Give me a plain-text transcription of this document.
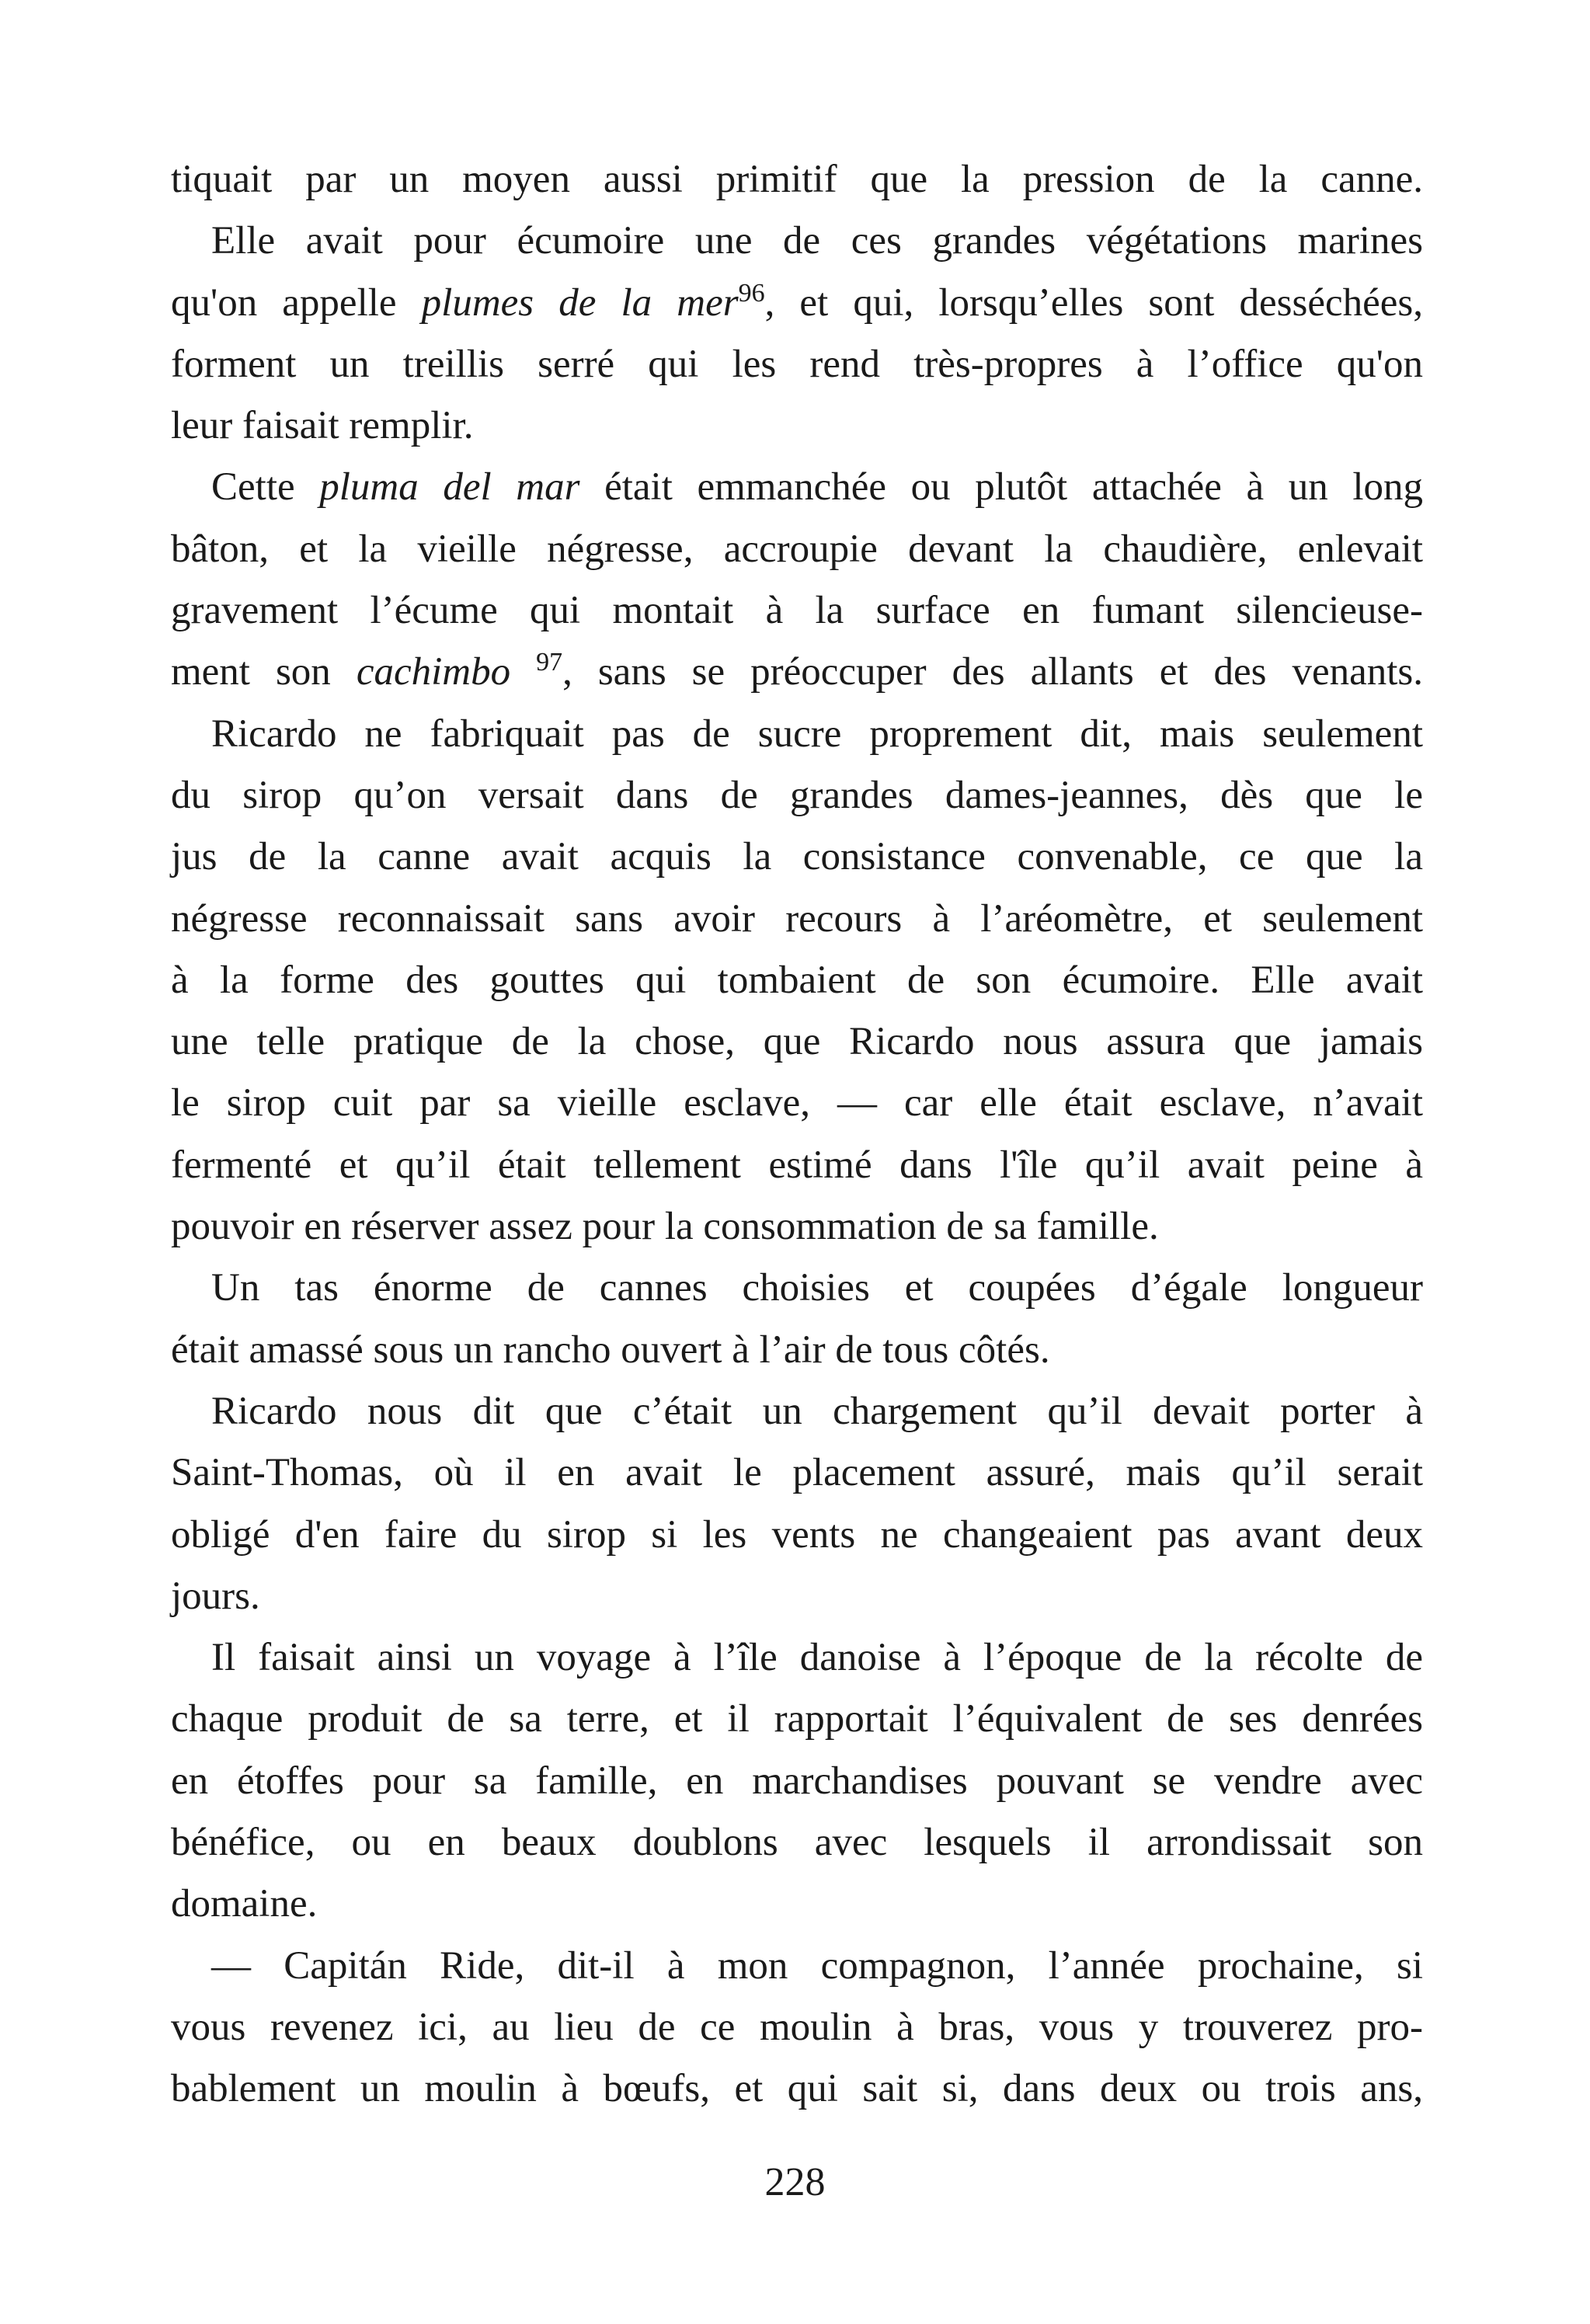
tiquait par un moyen aussi primitif que la pression de la canne.
Elle avait pour écumoire une de ces grandes végétations marines
qu'on appelle plumes de la mer$^{96}$, et qui, lorsqu’elles sont desséchées,
forment un treillis serré qui les rend très-propres à l’office qu'on
leur faisait remplir.
Cette pluma del mar était emmanchée ou plutôt attachée à un long
bâton, et la vieille négresse, accroupie devant la chaudière, enlevait
gravement l’écume qui montait à la surface en fumant silencieuse-
ment son cachimbo $^{97}$, sans se préoccuper des allants et des venants.
Ricardo ne fabriquait pas de sucre proprement dit, mais seulement
du sirop qu’on versait dans de grandes dames-jeannes, dès que le
jus de la canne avait acquis la consistance convenable, ce que la
négresse reconnaissait sans avoir recours à l’aréomètre, et seulement
à la forme des gouttes qui tombaient de son écumoire. Elle avait
une telle pratique de la chose, que Ricardo nous assura que jamais
le sirop cuit par sa vieille esclave, — car elle était esclave, n’avait
fermenté et qu’il était tellement estimé dans l'île qu’il avait peine à
pouvoir en réserver assez pour la consommation de sa famille.
Un tas énorme de cannes choisies et coupées d’égale longueur
était amassé sous un rancho ouvert à l’air de tous côtés.
Ricardo nous dit que c’était un chargement qu’il devait porter à
Saint-Thomas, où il en avait le placement assuré, mais qu’il serait
obligé d'en faire du sirop si les vents ne changeaient pas avant deux
jours.
Il faisait ainsi un voyage à l’île danoise à l’époque de la récolte de
chaque produit de sa terre, et il rapportait l’équivalent de ses denrées
en étoffes pour sa famille, en marchandises pouvant se vendre avec
bénéfice, ou en beaux doublons avec lesquels il arrondissait son
domaine.
— Capitán Ride, dit-il à mon compagnon, l’année prochaine, si
vous revenez ici, au lieu de ce moulin à bras, vous y trouverez pro-
bablement un moulin à bœufs, et qui sait si, dans deux ou trois ans,
228
